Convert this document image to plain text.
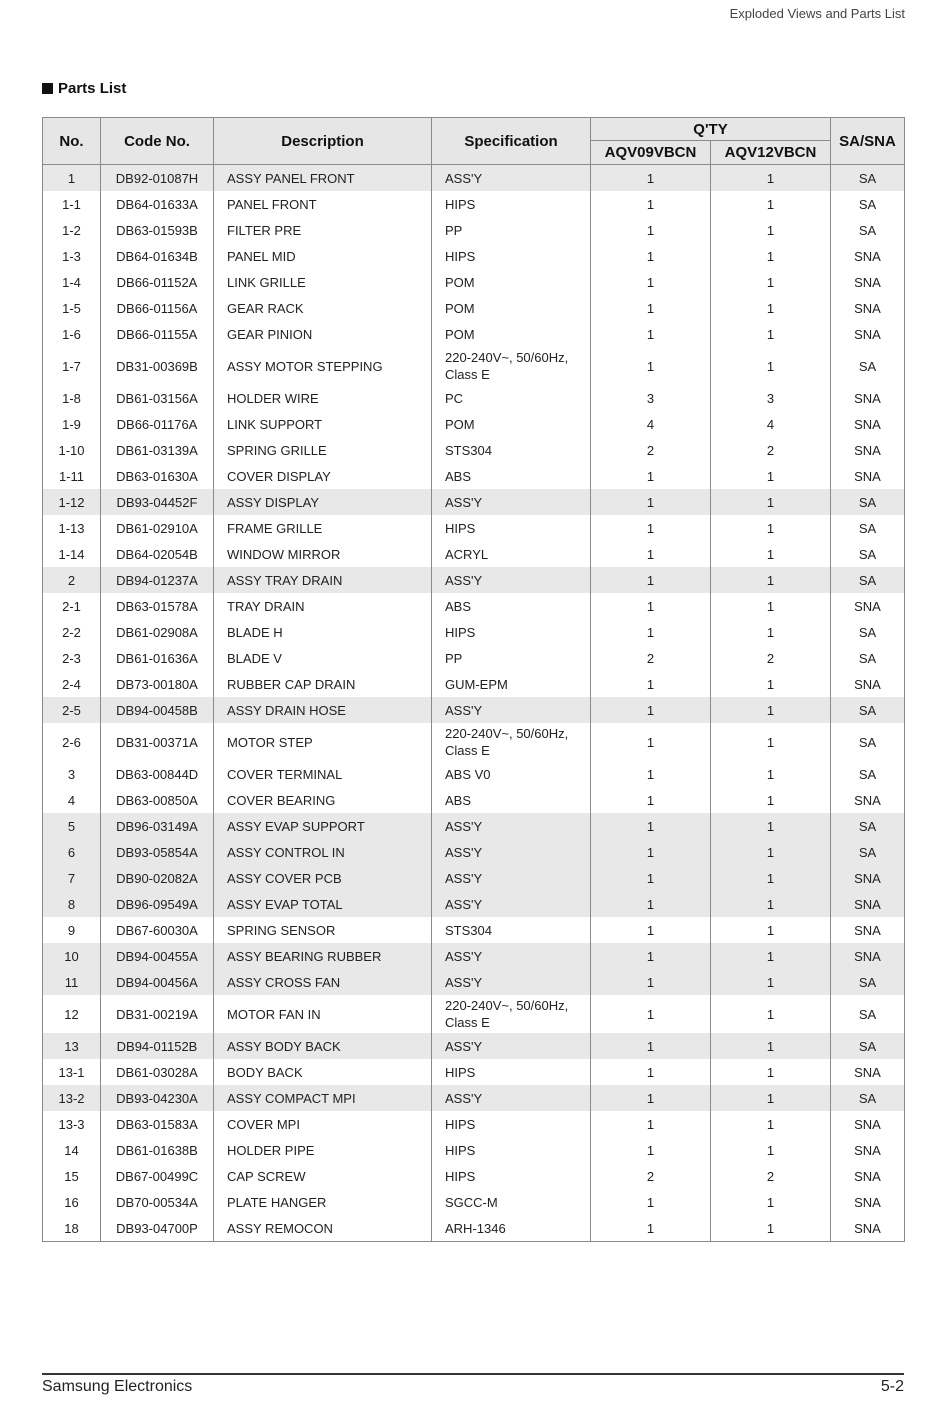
Exploded Views and Parts List
Parts List
No.	Code No.	Description	Specification	Q'TY		SA/SNA
				AQV09VBCN	AQV12VBCN	
1	DB92-01087H	ASSY PANEL FRONT	ASS'Y	1	1	SA
1-1	DB64-01633A	PANEL FRONT	HIPS	1	1	SA
1-2	DB63-01593B	FILTER PRE	PP	1	1	SA
1-3	DB64-01634B	PANEL MID	HIPS	1	1	SNA
1-4	DB66-01152A	LINK GRILLE	POM	1	1	SNA
1-5	DB66-01156A	GEAR RACK	POM	1	1	SNA
1-6	DB66-01155A	GEAR PINION	POM	1	1	SNA
1-7	DB31-00369B	ASSY MOTOR STEPPING	220-240V~, 50/60Hz,
Class E	1	1	SA
1-8	DB61-03156A	HOLDER WIRE	PC	3	3	SNA
1-9	DB66-01176A	LINK SUPPORT	POM	4	4	SNA
1-10	DB61-03139A	SPRING GRILLE	STS304	2	2	SNA
1-11	DB63-01630A	COVER DISPLAY	ABS	1	1	SNA
1-12	DB93-04452F	ASSY DISPLAY	ASS'Y	1	1	SA
1-13	DB61-02910A	FRAME GRILLE	HIPS	1	1	SA
1-14	DB64-02054B	WINDOW MIRROR	ACRYL	1	1	SA
2	DB94-01237A	ASSY TRAY DRAIN	ASS'Y	1	1	SA
2-1	DB63-01578A	TRAY DRAIN	ABS	1	1	SNA
2-2	DB61-02908A	BLADE H	HIPS	1	1	SA
2-3	DB61-01636A	BLADE V	PP	2	2	SA
2-4	DB73-00180A	RUBBER CAP DRAIN	GUM-EPM	1	1	SNA
2-5	DB94-00458B	ASSY DRAIN HOSE	ASS'Y	1	1	SA
2-6	DB31-00371A	MOTOR STEP	220-240V~, 50/60Hz,
Class E	1	1	SA
3	DB63-00844D	COVER TERMINAL	ABS V0	1	1	SA
4	DB63-00850A	COVER BEARING	ABS	1	1	SNA
5	DB96-03149A	ASSY EVAP SUPPORT	ASS'Y	1	1	SA
6	DB93-05854A	ASSY CONTROL IN	ASS'Y	1	1	SA
7	DB90-02082A	ASSY COVER PCB	ASS'Y	1	1	SNA
8	DB96-09549A	ASSY EVAP TOTAL	ASS'Y	1	1	SNA
9	DB67-60030A	SPRING SENSOR	STS304	1	1	SNA
10	DB94-00455A	ASSY BEARING RUBBER	ASS'Y	1	1	SNA
11	DB94-00456A	ASSY CROSS FAN	ASS'Y	1	1	SA
12	DB31-00219A	MOTOR FAN IN	220-240V~, 50/60Hz,
Class E	1	1	SA
13	DB94-01152B	ASSY BODY BACK	ASS'Y	1	1	SA
13-1	DB61-03028A	BODY BACK	HIPS	1	1	SNA
13-2	DB93-04230A	ASSY COMPACT MPI	ASS'Y	1	1	SA
13-3	DB63-01583A	COVER MPI	HIPS	1	1	SNA
14	DB61-01638B	HOLDER PIPE	HIPS	1	1	SNA
15	DB67-00499C	CAP SCREW	HIPS	2	2	SNA
16	DB70-00534A	PLATE HANGER	SGCC-M	1	1	SNA
18	DB93-04700P	ASSY REMOCON	ARH-1346	1	1	SNA
Samsung Electronics	5-2
